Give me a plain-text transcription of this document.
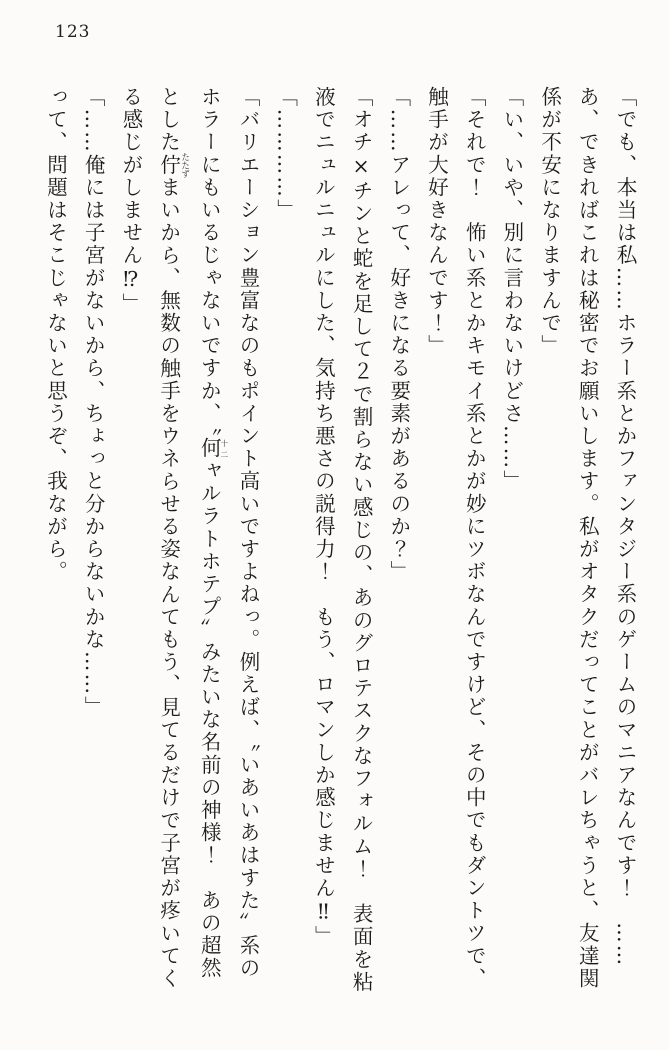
123
「でも、本当は私……ホラー系とかファンタジー系のゲームのマニアなんです！　……
あ、できればこれは秘密でお願いします。私がオタクだってことがバレちゃうと、友達関
係が不安になりますんで」
「い、いや、別に言わないけどさ……」
「それで！　怖い系とかキモイ系とかが妙にツボなんですけど、その中でもダントツで、
触手が大好きなんです！」
「……アレって、好きになる要素があるのか？」
「オチ×チンと蛇を足して２で割らない感じの、あのグロテスクなフォルム！　表面を粘
液でニュルニュルにした、気持ち悪さの説得力！　もう、ロマンしか感じません‼」
「…………」
「バリエーション豊富なのもポイント高いですよねっ。例えば、〝いあいあはすた〟系の
ホラーにもいるじゃないですか、〝何十二ャルラトホテプ〟みたいな名前の神様！　あの超然
とした佇 たたずまいから、無数の触手をウネらせる姿なんてもう、見てるだけで子宮が疼いてく
る感じがしません⁉」
「……俺には子宮がないから、ちょっと分からないかな……」
って、問題はそこじゃないと思うぞ、我ながら。
